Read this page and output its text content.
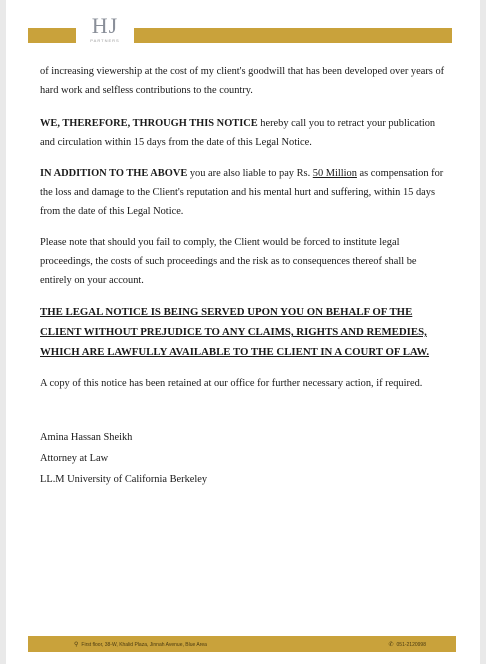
HJ
PARTNERS

of increasing viewership at the cost of my client's goodwill that has been developed over years of hard work and selfless contributions to the country.

WE, THEREFORE, THROUGH THIS NOTICE hereby call you to retract your publication and circulation within 15 days from the date of this Legal Notice.

IN ADDITION TO THE ABOVE you are also liable to pay Rs. 50 Million as compensation for the loss and damage to the Client's reputation and his mental hurt and suffering, within 15 days from the date of this Legal Notice.

Please note that should you fail to comply, the Client would be forced to institute legal proceedings, the costs of such proceedings and the risk as to consequences thereof shall be entirely on your account.

THE LEGAL NOTICE IS BEING SERVED UPON YOU ON BEHALF OF THE CLIENT WITHOUT PREJUDICE TO ANY CLAIMS, RIGHTS AND REMEDIES, WHICH ARE LAWFULLY AVAILABLE TO THE CLIENT IN A COURT OF LAW.

A copy of this notice has been retained at our office for further necessary action, if required.

Amina Hassan Sheikh
Attorney at Law
LL.M University of California Berkeley
⚲ First floor, 38-W, Khalid Plaza, Jinnah Avenue, Blue Area	✆ 051-2120998
